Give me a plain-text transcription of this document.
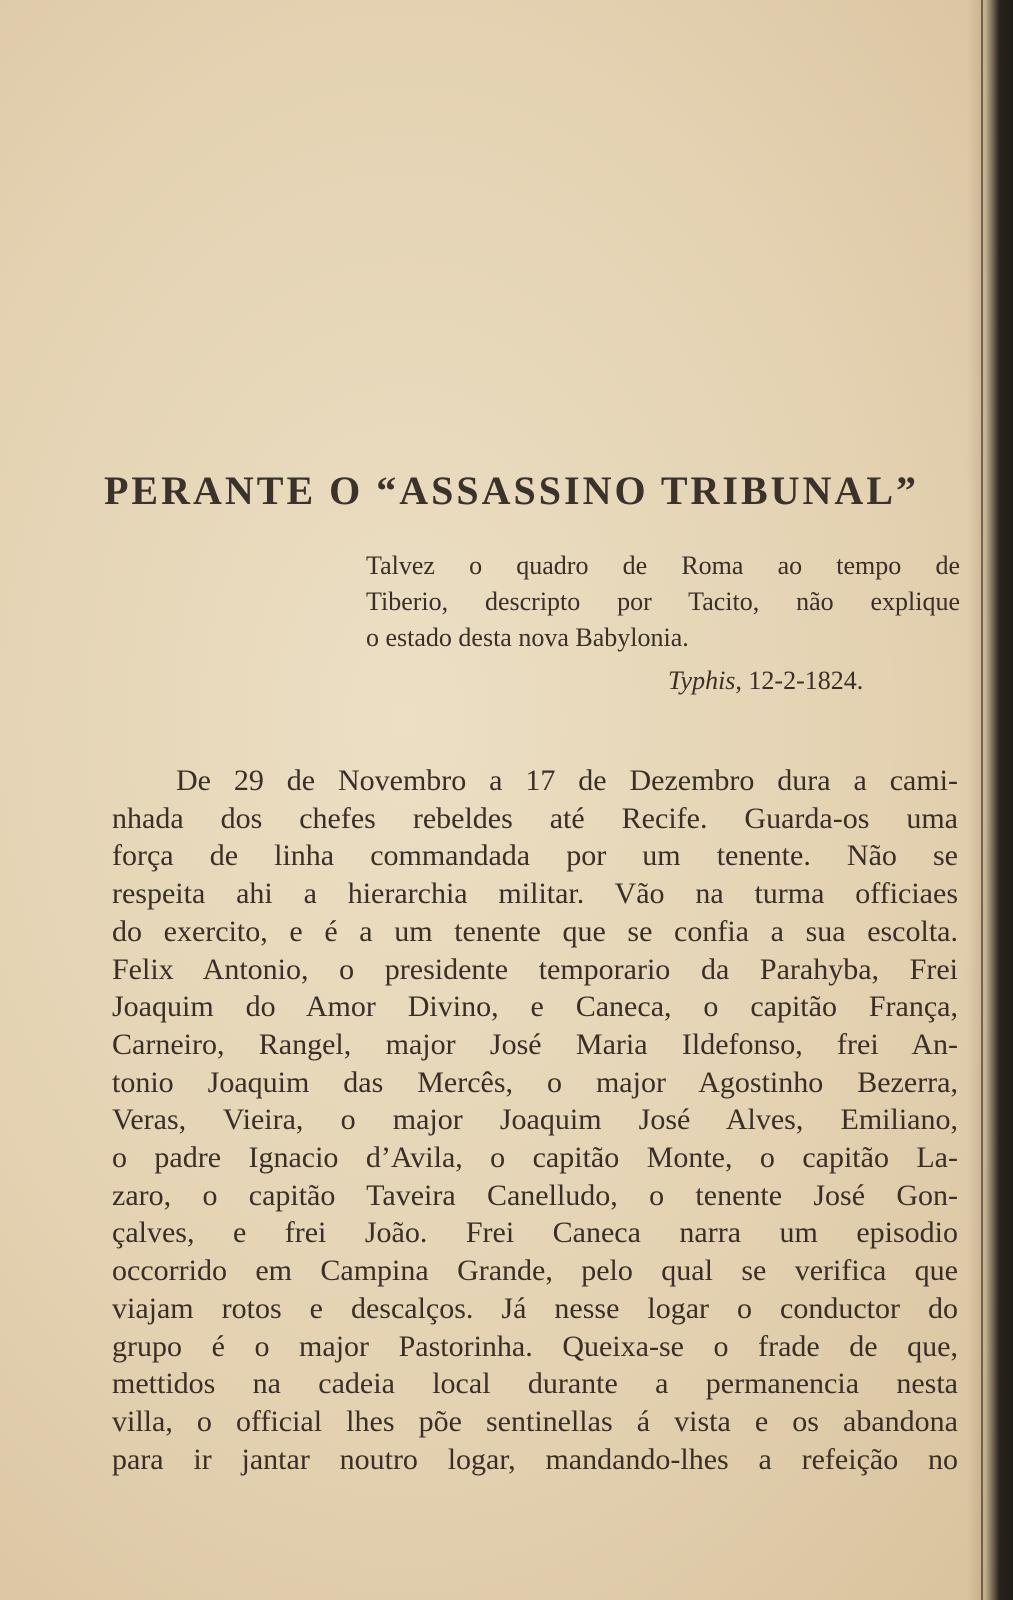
PERANTE O “ASSASSINO TRIBUNAL”
Talvez o quadro de Roma ao tempo de
Tiberio, descripto por Tacito, não explique
o estado desta nova Babylonia.
Typhis, 12-2-1824.
De 29 de Novembro a 17 de Dezembro dura a cami-
nhada dos chefes rebeldes até Recife. Guarda-os uma
força de linha commandada por um tenente. Não se
respeita ahi a hierarchia militar. Vão na turma officiaes
do exercito, e é a um tenente que se confia a sua escolta.
Felix Antonio, o presidente temporario da Parahyba, Frei
Joaquim do Amor Divino, e Caneca, o capitão França,
Carneiro, Rangel, major José Maria Ildefonso, frei An-
tonio Joaquim das Mercês, o major Agostinho Bezerra,
Veras, Vieira, o major Joaquim José Alves, Emiliano,
o padre Ignacio d’Avila, o capitão Monte, o capitão La-
zaro, o capitão Taveira Canelludo, o tenente José Gon-
çalves, e frei João. Frei Caneca narra um episodio
occorrido em Campina Grande, pelo qual se verifica que
viajam rotos e descalços. Já nesse logar o conductor do
grupo é o major Pastorinha. Queixa-se o frade de que,
mettidos na cadeia local durante a permanencia nesta
villa, o official lhes põe sentinellas á vista e os abandona
para ir jantar noutro logar, mandando-lhes a refeição no
